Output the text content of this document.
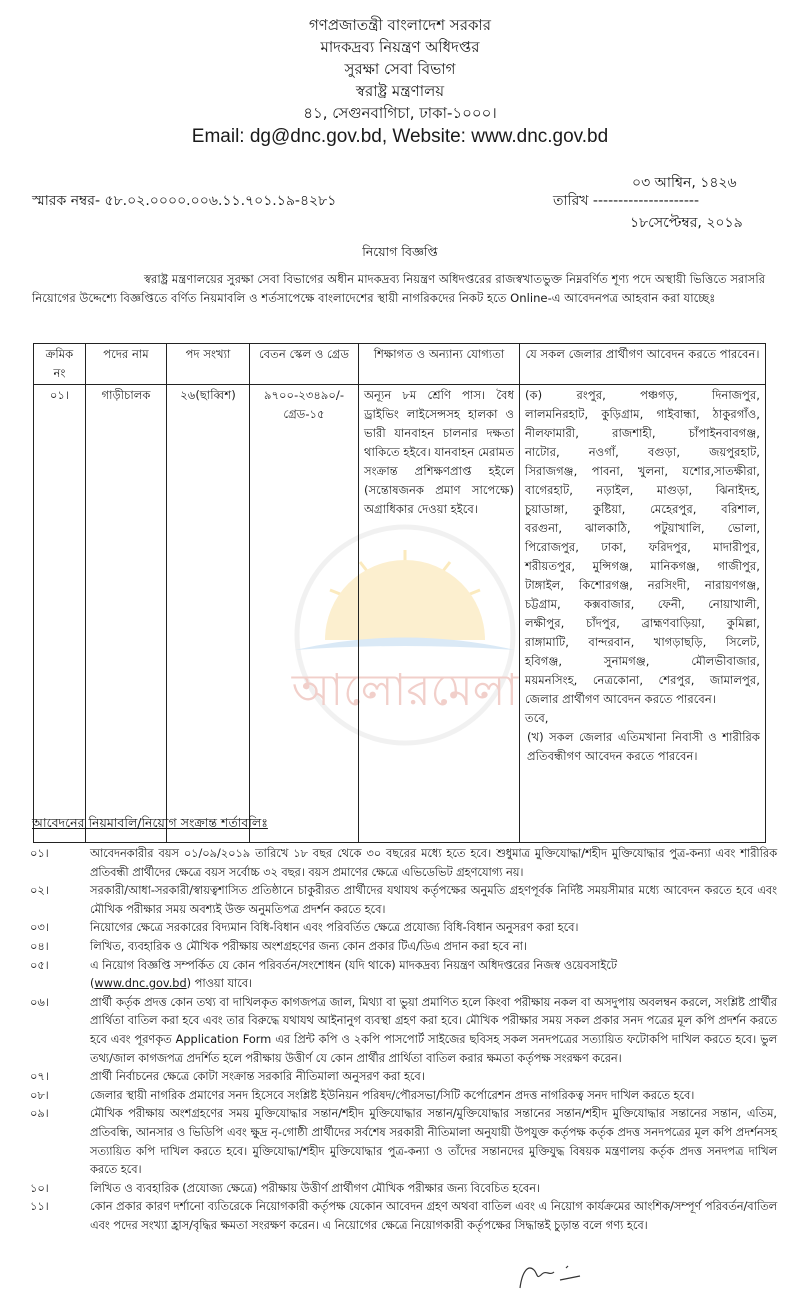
গণপ্রজাতন্ত্রী বাংলাদেশ সরকার
মাদকদ্রব্য নিয়ন্ত্রণ অধিদপ্তর
সুরক্ষা সেবা বিভাগ
স্বরাষ্ট্র মন্ত্রণালয়
৪১, সেগুনবাগিচা, ঢাকা-১০০০।
Email: dg@dnc.gov.bd, Website: www.dnc.gov.bd
০৩ আশ্বিন, ১৪২৬
স্মারক নম্বর- ৫৮.০২.০০০০.০০৬.১১.৭০১.১৯-৪২৮১	তারিখ ---------------------
১৮সেপ্টেম্বর, ২০১৯
নিয়োগ বিজ্ঞপ্তি
স্বরাষ্ট্র মন্ত্রণালয়ের সুরক্ষা সেবা বিভাগের অধীন মাদকদ্রব্য নিয়ন্ত্রণ অধিদপ্তরের রাজস্বখাতভুক্ত নিম্নবর্ণিত শূণ্য পদে অস্থায়ী ভিত্তিতে সরাসরি
নিয়োগের উদ্দেশ্যে বিজ্ঞপ্তিতে বর্ণিত নিয়মাবলি ও শর্তসাপেক্ষে বাংলাদেশের স্থায়ী নাগরিকদের নিকট হতে Online-এ আবেদনপত্র আহবান করা যাচ্ছেঃ
আলোরমেলা
ক্রমিক নং	পদের নাম	পদ সংখ্যা	বেতন স্কেল ও গ্রেড	শিক্ষাগত ও অন্যান্য যোগ্যতা	যে সকল জেলার প্রার্থীগণ আবেদন করতে পারবেন।
০১।	গাড়ীচালক	২৬(ছাব্বিশ)	৯৭০০-২৩৪৯০/-
গ্রেড-১৫
	অন্যূন ৮ম শ্রেণি পাস। বৈধ ড্রাইভিং লাইসেন্সসহ হালকা ও ভারী যানবাহন চালনার দক্ষতা থাকিতে হইবে। যানবাহন মেরামত সংক্রান্ত প্রশিক্ষণপ্রাপ্ত হইলে (সন্তোষজনক প্রমাণ সাপেক্ষে) অগ্রাধিকার দেওয়া হইবে।	
(ক) রংপুর, পঞ্চগড়, দিনাজপুর,
লালমনিরহাট, কুড়িগ্রাম, গাইবান্ধা, ঠাকুরগাঁও,
নীলফামারী, রাজশাহী, চাঁপাইনবাবগঞ্জ,
নাটোর, নওগাঁ, বগুড়া, জয়পুরহাট,
সিরাজগঞ্জ, পাবনা, খুলনা, যশোর,সাতক্ষীরা,
বাগেরহাট, নড়াইল, মাগুড়া, ঝিনাইদহ,
চুয়াডাঙ্গা, কুষ্টিয়া, মেহেরপুর, বরিশাল,
বরগুনা, ঝালকাঠি, পটুয়াখালি, ভোলা,
পিরোজপুর, ঢাকা, ফরিদপুর, মাদারীপুর,
শরীয়তপুর, মুন্সিগঞ্জ, মানিকগঞ্জ, গাজীপুর,
টাঙ্গাইল, কিশোরগঞ্জ, নরসিংদী, নারায়ণগঞ্জ,
চট্টগ্রাম, কক্সবাজার, ফেনী, নোয়াখালী,
লক্ষীপুর, চাঁদপুর, ব্রাহ্মণবাড়িয়া, কুমিল্লা,
রাঙ্গামাটি, বান্দরবান, খাগড়াছড়ি, সিলেট,
হবিগঞ্জ, সুনামগঞ্জ, মৌলভীবাজার,
ময়মনসিংহ, নেত্রকোনা, শেরপুর, জামালপুর,
জেলার প্রার্থীগণ আবেদন করতে পারবেন।
তবে,
(খ) সকল জেলার এতিমখানা নিবাসী ও শারীরিক প্রতিবন্ধীগণ আবেদন করতে পারবেন।
আবেদনের নিয়মাবলি/নিয়োগ সংক্রান্ত শর্তাবলিঃ
০১।	আবেদনকারীর বয়স ০১/০৯/২০১৯ তারিখে ১৮ বছর থেকে ৩০ বছরের মধ্যে হতে হবে। শুধুমাত্র মুক্তিযোদ্ধা/শহীদ মুক্তিযোদ্ধার পুত্র-কন্যা এবং শারীরিক প্রতিবন্ধী প্রার্থীদের ক্ষেত্রে বয়স সর্বোচ্চ ৩২ বছর। বয়স প্রমাণের ক্ষেত্রে এভিডেভিট গ্রহণযোগ্য নয়।
০২।	সরকারী/আধা-সরকারী/স্বায়ত্বশাসিত প্রতিষ্ঠানে চাকুরীরত প্রার্থীদের যথাযথ কর্তৃপক্ষের অনুমতি গ্রহণপূর্বক নির্দিষ্ট সময়সীমার মধ্যে আবেদন করতে হবে এবং মৌখিক পরীক্ষার সময় অবশ্যই উক্ত অনুমতিপত্র প্রদর্শন করতে হবে।
০৩।	নিয়োগের ক্ষেত্রে সরকারের বিদ্যমান বিধি-বিধান এবং পরিবর্তিত ক্ষেত্রে প্রযোজ্য বিধি-বিধান অনুসরণ করা হবে।
০৪।	লিখিত, ব্যবহারিক ও মৌখিক পরীক্ষায় অংশগ্রহণের জন্য কোন প্রকার টিএ/ডিএ প্রদান করা হবে না।
০৫।	এ নিয়োগ বিজ্ঞপ্তি সম্পর্কিত যে কোন পরিবর্তন/সংশোধন (যদি থাকে) মাদকদ্রব্য নিয়ন্ত্রণ অধিদপ্তরের নিজস্ব ওয়েবসাইটে
(www.dnc.gov.bd) পাওয়া যাবে।
০৬।	প্রার্থী কর্তৃক প্রদত্ত কোন তথ্য বা দাখিলকৃত কাগজপত্র জাল, মিথ্যা বা ভুয়া প্রমাণিত হলে কিংবা পরীক্ষায় নকল বা অসদুপায় অবলম্বন করলে, সংশ্লিষ্ট প্রার্থীর প্রার্থিতা বাতিল করা হবে এবং তার বিরুদ্ধে যথাযথ আইনানুগ ব্যবস্থা গ্রহণ করা হবে। মৌখিক পরীক্ষার সময় সকল প্রকার সনদ পত্রের মূল কপি প্রদর্শন করতে হবে এবং পূরণকৃত Application Form এর প্রিন্ট কপি ও ২কপি পাসপোর্ট সাইজের ছবিসহ সকল সনদপত্রের সত্যায়িত ফটোকপি দাখিল করতে হবে। ভুল তথ্য/জাল কাগজপত্র প্রদর্শিত হলে পরীক্ষায় উত্তীর্ণ যে কোন প্রার্থীর প্রার্থিতা বাতিল করার ক্ষমতা কর্তৃপক্ষ সংরক্ষণ করেন।
০৭।	প্রার্থী নির্বাচনের ক্ষেত্রে কোটা সংক্রান্ত সরকারি নীতিমালা অনুসরণ করা হবে।
০৮।	জেলার স্থায়ী নাগরিক প্রমাণের সনদ হিসেবে সংশ্লিষ্ট ইউনিয়ন পরিষদ/পৌরসভা/সিটি কর্পোরেশন প্রদত্ত নাগরিকত্ব সনদ দাখিল করতে হবে।
০৯।	মৌখিক পরীক্ষায় অংশগ্রহণের সময় মুক্তিযোদ্ধার সন্তান/শহীদ মুক্তিযোদ্ধার সন্তান/মুক্তিযোদ্ধার সন্তানের সন্তান/শহীদ মুক্তিযোদ্ধার সন্তানের সন্তান, এতিম, প্রতিবন্ধি, আনসার ও ভিডিপি এবং ক্ষুদ্র নৃ-গোষ্ঠী প্রার্থীদের সর্বশেষ সরকারী নীতিমালা অনুযায়ী উপযুক্ত কর্তৃপক্ষ কর্তৃক প্রদত্ত সনদপত্রের মূল কপি প্রদর্শনসহ সত্যায়িত কপি দাখিল করতে হবে। মুক্তিযোদ্ধা/শহীদ মুক্তিযোদ্ধার পুত্র-কন্যা ও তাঁদের সন্তানদের মুক্তিযুদ্ধ বিষয়ক মন্ত্রণালয় কর্তৃক প্রদত্ত সনদপত্র দাখিল করতে হবে।
১০।	লিখিত ও ব্যবহারিক (প্রযোজ্য ক্ষেত্রে) পরীক্ষায় উত্তীর্ণ প্রার্থীগণ মৌখিক পরীক্ষার জন্য বিবেচিত হবেন।
১১।	কোন প্রকার কারণ দর্শানো ব্যতিরেকে নিয়োগকারী কর্তৃপক্ষ যেকোন আবেদন গ্রহণ অথবা বাতিল এবং এ নিয়োগ কার্যক্রমের আংশিক/সম্পূর্ণ পরিবর্তন/বাতিল এবং পদের সংখ্যা হ্রাস/বৃদ্ধির ক্ষমতা সংরক্ষণ করেন। এ নিয়োগের ক্ষেত্রে নিয়োগকারী কর্তৃপক্ষের সিদ্ধান্তই চুড়ান্ত বলে গণ্য হবে।
